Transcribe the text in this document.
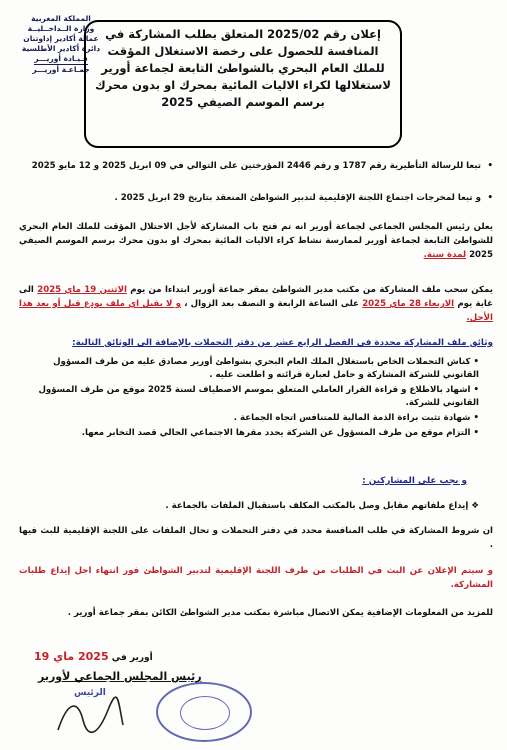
المملكة المغربية
وزارة الــداخــليــة
عمالة أكادير إداوتنان
دائرة أكادير الأطلسية
قـيـادة أوريـــر
جمـاعـة أوريـــر
إعلان رقم 2025/02 المتعلق بطلب المشاركة في المنافسة للحصول على رخصة الاستغلال المؤقت للملك العام البحري بالشواطئ التابعة لجماعة أورير لاستغلالها لكراء الاليات المائية بمحرك او بدون محرك
برسم الموسم الصيفي 2025
•تبعا للرسالة التأطيرية رقم 1787 و رقم 2446 المؤرختين على التوالي في 09 ابريل 2025 و 12 مايو 2025
•و تبعا لمخرجات اجتماع اللجنة الإقليمية لتدبير الشواطئ المنعقد بتاريخ 29 ابريل 2025 .
يعلن رئيس المجلس الجماعي لجماعة أورير انه تم فتح باب المشاركة لأجل الاحتلال المؤقت للملك العام البحري للشواطئ التابعة لجماعة أورير لممارسة نشاط كراء الاليات المائية بمحرك او بدون محرك برسم الموسم الصيفي 2025 لمدة سنة.
يمكن سحب ملف المشاركة من مكتب مدير الشواطئ بمقر جماعة أورير ابتداءا من يوم الاثنين 19 ماي 2025 الى غاية يوم الاربعاء 28 ماي 2025 على الساعة الرابعة و النصف بعد الزوال ، و لا يقبل اي ملف يودع قبل أو بعد هذا الأجل.
وثائق ملف المشاركة محددة في الفصل الرابع عشر من دفتر التحملات بالإضافة الى الوثائق التالية:
• كناش التحملات الخاص باستغلال الملك العام البحري بشواطئ أورير مصادق عليه من طرف المسؤول القانوني للشركة المشاركة و حامل لعبارة قرائته و اطلعت عليه .
• اشهاد بالاطلاع و قراءة القرار العاملي المتعلق بموسم الاصطياف لسنة 2025 موقع من طرف المسؤول القانوني للشركة.
• شهادة تثبت براءة الذمة المالية للمتنافس اتجاه الجماعة .
• التزام موقع من طرف المسؤول عن الشركة يحدد مقرها الاجتماعي الحالي قصد التخابر معها.
و يجب على المشاركين :
❖ إيداع ملفاتهم مقابل وصل بالمكتب المكلف باستقبال الملفات بالجماعة .
ان شروط المشاركة في طلب المنافسة محدد في دفتر التحملات و تحال الملفات على اللجنة الإقليمية للبث فيها .
و سيتم الإعلان عن البث في الطلبات من طرف اللجنة الإقليمية لتدبير الشواطئ فور انتهاء اجل إيداع طلبات المشاركة.
للمزيد من المعلومات الإضافية يمكن الاتصال مباشرة بمكتب مدير الشواطئ الكائن بمقر جماعة أورير .
أورير في 2025 ماي 19
رئيس المجلس الجماعي لأورير
الرئيس
